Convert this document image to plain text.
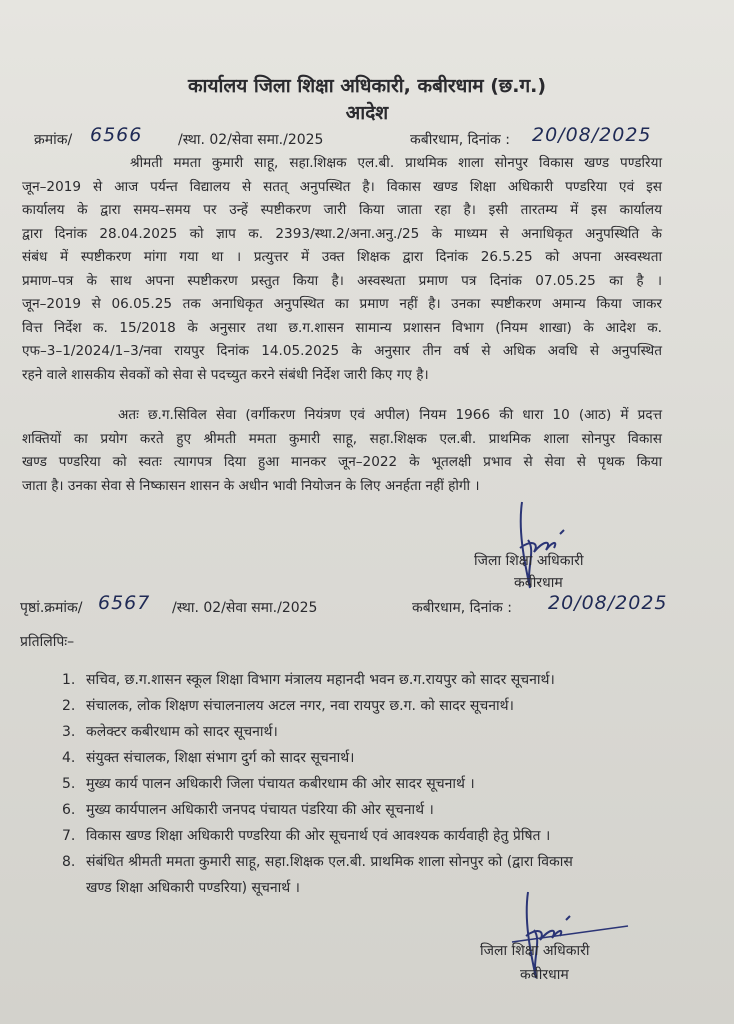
कार्यालय जिला शिक्षा अधिकारी, कबीरधाम (छ.ग.)
आदेश
क्रमांक/ 6566	/स्था. 02/सेवा समा./2025	कबीरधाम, दिनांक : 20/08/2025
श्रीमती ममता कुमारी साहू, सहा.शिक्षक एल.बी. प्राथमिक शाला सोनपुर विकास खण्ड पण्डरिया
जून–2019 से आज पर्यन्त विद्यालय से सतत् अनुपस्थित है। विकास खण्ड शिक्षा अधिकारी पण्डरिया एवं इस
कार्यालय के द्वारा समय–समय पर उन्हें स्पष्टीकरण जारी किया जाता रहा है। इसी तारतम्य में इस कार्यालय
द्वारा दिनांक 28.04.2025 को ज्ञाप क. 2393/स्था.2/अना.अनु./25 के माध्यम से अनाधिकृत अनुपस्थिति के
संबंध में स्पष्टीकरण मांगा गया था । प्रत्युत्तर में उक्त शिक्षक द्वारा दिनांक 26.5.25 को अपना अस्वस्थता
प्रमाण–पत्र के साथ अपना स्पष्टीकरण प्रस्तुत किया है। अस्वस्थता प्रमाण पत्र दिनांक 07.05.25 का है ।
जून–2019 से 06.05.25 तक अनाधिकृत अनुपस्थित का प्रमाण नहीं है। उनका स्पष्टीकरण अमान्य किया जाकर
वित्त निर्देश क. 15/2018 के अनुसार तथा छ.ग.शासन सामान्य प्रशासन विभाग (नियम शाखा) के आदेश क.
एफ–3–1/2024/1–3/नवा रायपुर दिनांक 14.05.2025 के अनुसार तीन वर्ष से अधिक अवधि से अनुपस्थित
रहने वाले शासकीय सेवकों को सेवा से पदच्युत करने संबंधी निर्देश जारी किए गए है।
अतः छ.ग.सिविल सेवा (वर्गीकरण नियंत्रण एवं अपील) नियम 1966 की धारा 10 (आठ) में प्रदत्त
शक्तियों का प्रयोग करते हुए श्रीमती ममता कुमारी साहू, सहा.शिक्षक एल.बी. प्राथमिक शाला सोनपुर विकास
खण्ड पण्डरिया को स्वतः त्यागपत्र दिया हुआ मानकर जून–2022 के भूतलक्षी प्रभाव से सेवा से पृथक किया
जाता है। उनका सेवा से निष्कासन शासन के अधीन भावी नियोजन के लिए अनर्हता नहीं होगी ।
जिला शिक्षा अधिकारी
कबीरधाम
पृष्ठां.क्रमांक/ 6567 /स्था. 02/सेवा समा./2025	कबीरधाम, दिनांक : 20/08/2025
प्रतिलिपिः–
1. सचिव, छ.ग.शासन स्कूल शिक्षा विभाग मंत्रालय महानदी भवन छ.ग.रायपुर को सादर सूचनार्थ।
2. संचालक, लोक शिक्षण संचालनालय अटल नगर, नवा रायपुर छ.ग. को सादर सूचनार्थ।
3. कलेक्टर कबीरधाम को सादर सूचनार्थ।
4. संयुक्त संचालक, शिक्षा संभाग दुर्ग को सादर सूचनार्थ।
5. मुख्य कार्य पालन अधिकारी जिला पंचायत कबीरधाम की ओर सादर सूचनार्थ ।
6. मुख्य कार्यपालन अधिकारी जनपद पंचायत पंडरिया की ओर सूचनार्थ ।
7. विकास खण्ड शिक्षा अधिकारी पण्डरिया की ओर सूचनार्थ एवं आवश्यक कार्यवाही हेतु प्रेषित ।
8. संबंधित श्रीमती ममता कुमारी साहू, सहा.शिक्षक एल.बी. प्राथमिक शाला सोनपुर को (द्वारा विकास
खण्ड शिक्षा अधिकारी पण्डरिया) सूचनार्थ ।
जिला शिक्षा अधिकारी
कबीरधाम
